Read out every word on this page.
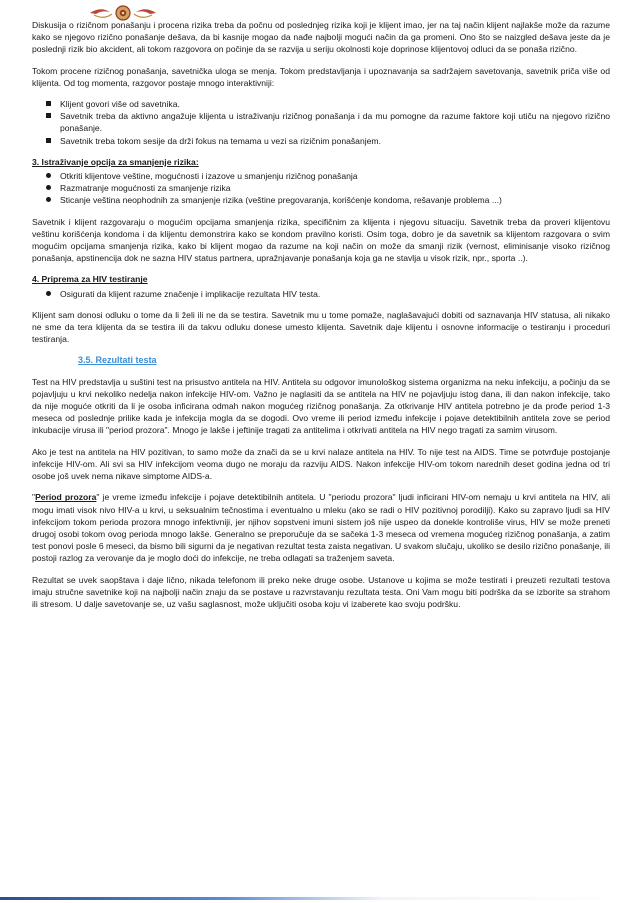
Diskusija o rizičnom ponašanju i procena rizika treba da počnu od poslednjeg rizika koji je klijent imao, jer na taj način klijent najlakše može da razume kako se njegovo rizično ponašanje dešava, da bi kasnije mogao da nađe najbolji mogući način da ga promeni. Ono što se naizgled dešava jeste da je poslednji rizik bio akcident, ali tokom razgovora on počinje da se razvija u seriju okolnosti koje doprinose klijentovoj odluci da se ponaša rizično.

Tokom procene rizičnog ponašanja, savetnička uloga se menja. Tokom predstavljanja i upoznavanja sa sadržajem savetovanja, savetnik priča više od klijenta. Od tog momenta, razgovor postaje mnogo interaktivniji:

Klijent govori više od savetnika.
Savetnik treba da aktivno angažuje klijenta u istraživanju rizičnog ponašanja i da mu pomogne da razume faktore koji utiču na njegovo rizično ponašanje.
Savetnik treba tokom sesije da drži fokus na temama u vezi sa rizičnim ponašanjem.
3. Istraživanje opcija za smanjenje rizika:
Otkriti klijentove veštine, mogućnosti i izazove u smanjenju rizičnog ponašanja
Razmatranje mogućnosti za smanjenje rizika
Sticanje veština neophodnih za smanjenje rizika (veštine pregovaranja, korišćenje kondoma, rešavanje problema ...)

Savetnik i klijent razgovaraju o mogućim opcijama smanjenja rizika, specifičnim za klijenta i njegovu situaciju. Savetnik treba da proveri klijentovu veštinu korišćenja kondoma i da klijentu demonstrira kako se kondom pravilno koristi. Osim toga, dobro je da savetnik sa klijentom razgovara o svim mogućim opcijama smanjenja rizika, kako bi klijent mogao da razume na koji način on može da smanji rizik (vernost, eliminisanje visoko rizičnog ponašanja, apstinencija dok ne sazna HIV status partnera, upražnjavanje ponašanja koja ga ne stavlja u visok rizik, npr., sporta ..).

4. Priprema za HIV testiranje
Osigurati da klijent razume značenje i implikacije rezultata HIV testa.

Klijent sam donosi odluku o tome da li želi ili ne da se testira. Savetnik mu u tome pomaže, naglašavajući dobiti od saznavanja HIV statusa, ali nikako ne sme da tera klijenta da se testira ili da takvu odluku donese umesto klijenta. Savetnik daje klijentu i osnovne informacije o testiranju i proceduri testiranja.

3.5. Rezultati testa

Test na HIV predstavlja u suštini test na prisustvo antitela na HIV. Antitela su odgovor imunološkog sistema organizma na neku infekciju, a počinju da se pojavljuju u krvi nekoliko nedelja nakon infekcije HIV-om. Važno je naglasiti da se antitela na HIV ne pojavljuju istog dana, ili dan nakon infekcije, tako da nije moguće otkriti da li je osoba inficirana odmah nakon mogućeg rizičnog ponašanja. Za otkrivanje HIV antitela potrebno je da prođe period 1-3 meseca od poslednje prilike kada je infekcija mogla da se dogodi. Ovo vreme ili period između infekcije i pojave detektibilnih antitela zove se period inkubacije virusa ili "period prozora". Mnogo je lakše i jeftinije tragati za antitelima i otkrivati antitela na HIV nego tragati za samim virusom.

Ako je test na antitela na HIV pozitivan, to samo može da znači da se u krvi nalaze antitela na HIV. To nije test na AIDS. Time se potvrđuje postojanje infekcije HIV-om. Ali svi sa HIV infekcijom veoma dugo ne moraju da razviju AIDS. Nakon infekcije HIV-om tokom narednih deset godina jedna od tri osobe još uvek nema nikave simptome AIDS-a.

"Period prozora" je vreme između infekcije i pojave detektibilnih antitela. U "periodu prozora" ljudi inficirani HIV-om nemaju u krvi antitela na HIV, ali mogu imati visok nivo HIV-a u krvi, u seksualnim tečnostima i eventualno u mleku (ako se radi o HIV pozitivnoj porodilji). Kako su zapravo ljudi sa HIV infekcijom tokom perioda prozora mnogo infektivniji, jer njihov sopstveni imuni sistem još nije uspeo da donekle kontroliše virus, HIV se može preneti drugoj osobi tokom ovog perioda mnogo lakše. Generalno se preporučuje da se sačeka 1-3 meseca od vremena mogućeg rizičnog ponašanja, a zatim test ponovi posle 6 meseci, da bismo bili sigurni da je negativan rezultat testa zaista negativan. U svakom slučaju, ukoliko se desilo rizično ponašanje, ili postoji razlog za verovanje da je moglo doći do infekcije, ne treba odlagati sa traženjem saveta.

Rezultat se uvek saopštava i daje lično, nikada telefonom ili preko neke druge osobe. Ustanove u kojima se može testirati i preuzeti rezultati testova imaju stručne savetnike koji na najbolji način znaju da se postave u razvrstavanju rezultata testa. Oni Vam mogu biti podrška da se izborite sa strahom ili stresom. U dalje savetovanje se, uz vašu saglasnost, može uključiti osoba koju vi izaberete kao svoju podršku.
